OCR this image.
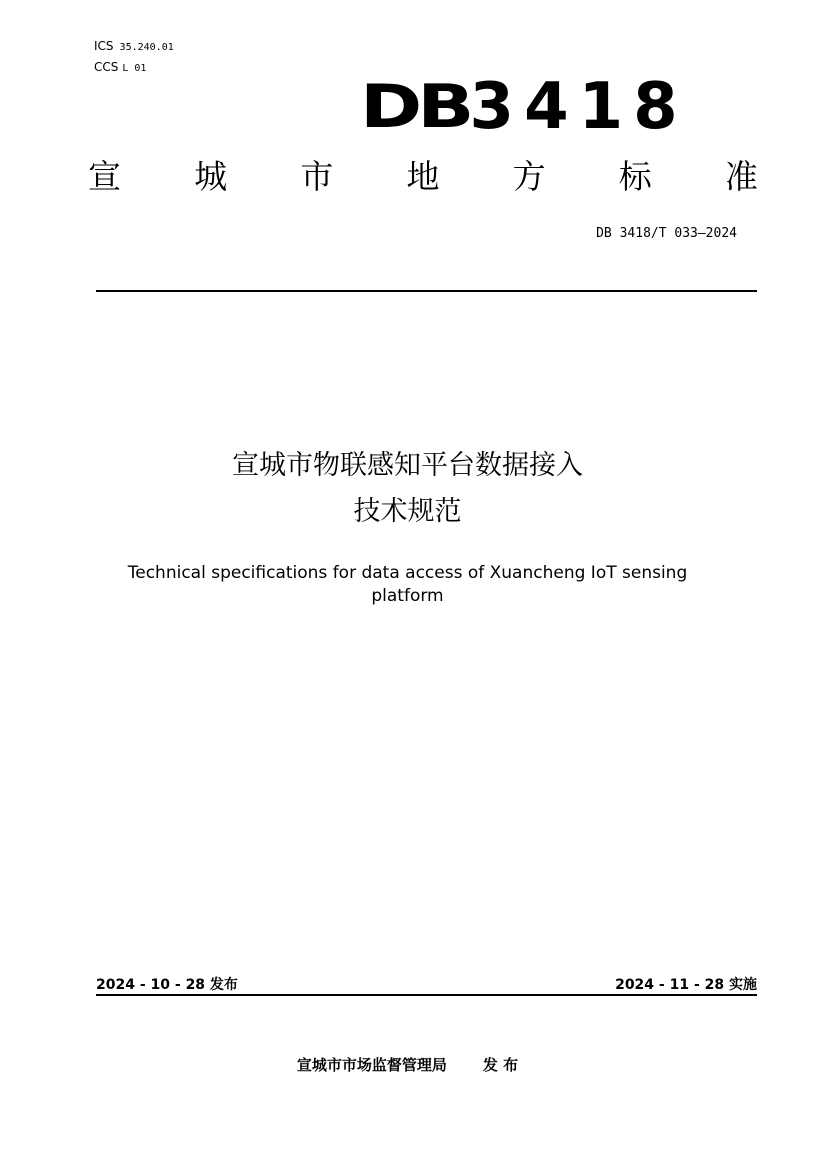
ICS 35.240.01
CCS L 01
DB 3418
宣 城 市 地 方 标 准
DB 3418/T 033—2024
宣城市物联感知平台数据接入
技术规范
Technical specifications for data access of Xuancheng IoT sensing
platform
2024 - 10 - 28 发布	2024 - 11 - 28 实施
宣城市市场监督管理局 发 布
